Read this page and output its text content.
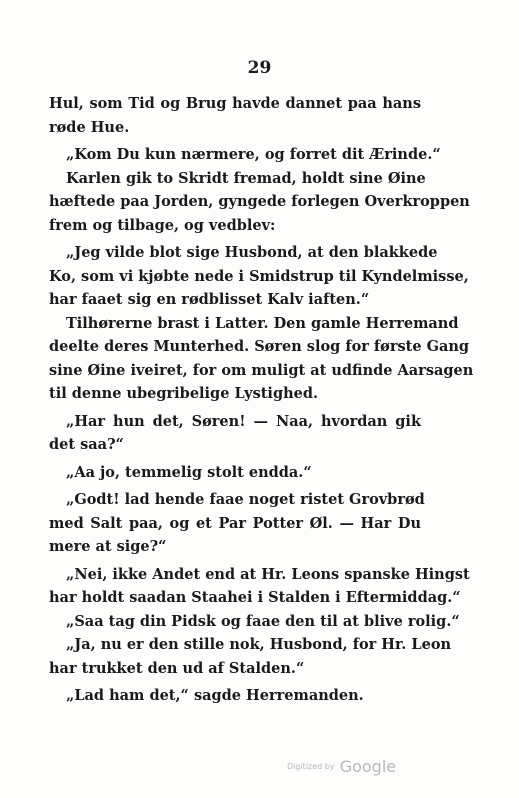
29
Hul, som Tid og Brug havde dannet paa hans
røde Hue.
„Kom Du kun nærmere, og forret dit Ærinde.“
Karlen gik to Skridt fremad, holdt sine Øine
hæftede paa Jorden, gyngede forlegen Overkroppen
frem og tilbage, og vedblev:
„Jeg vilde blot sige Husbond, at den blakkede
Ko, som vi kjøbte nede i Smidstrup til Kyndelmisse,
har faaet sig en rødblisset Kalv iaften.“
Tilhørerne brast i Latter. Den gamle Herremand
deelte deres Munterhed. Søren slog for første Gang
sine Øine iveiret, for om muligt at udfinde Aarsagen
til denne ubegribelige Lystighed.
„Har hun det, Søren! — Naa, hvordan gik
det saa?“
„Aa jo, temmelig stolt endda.“
„Godt! lad hende faae noget ristet Grovbrød
med Salt paa, og et Par Potter Øl. — Har Du
mere at sige?“
„Nei, ikke Andet end at Hr. Leons spanske Hingst
har holdt saadan Staahei i Stalden i Eftermiddag.“
„Saa tag din Pidsk og faae den til at blive rolig.“
„Ja, nu er den stille nok, Husbond, for Hr. Leon
har trukket den ud af Stalden.“
„Lad ham det,“ sagde Herremanden.
Digitized by Google
